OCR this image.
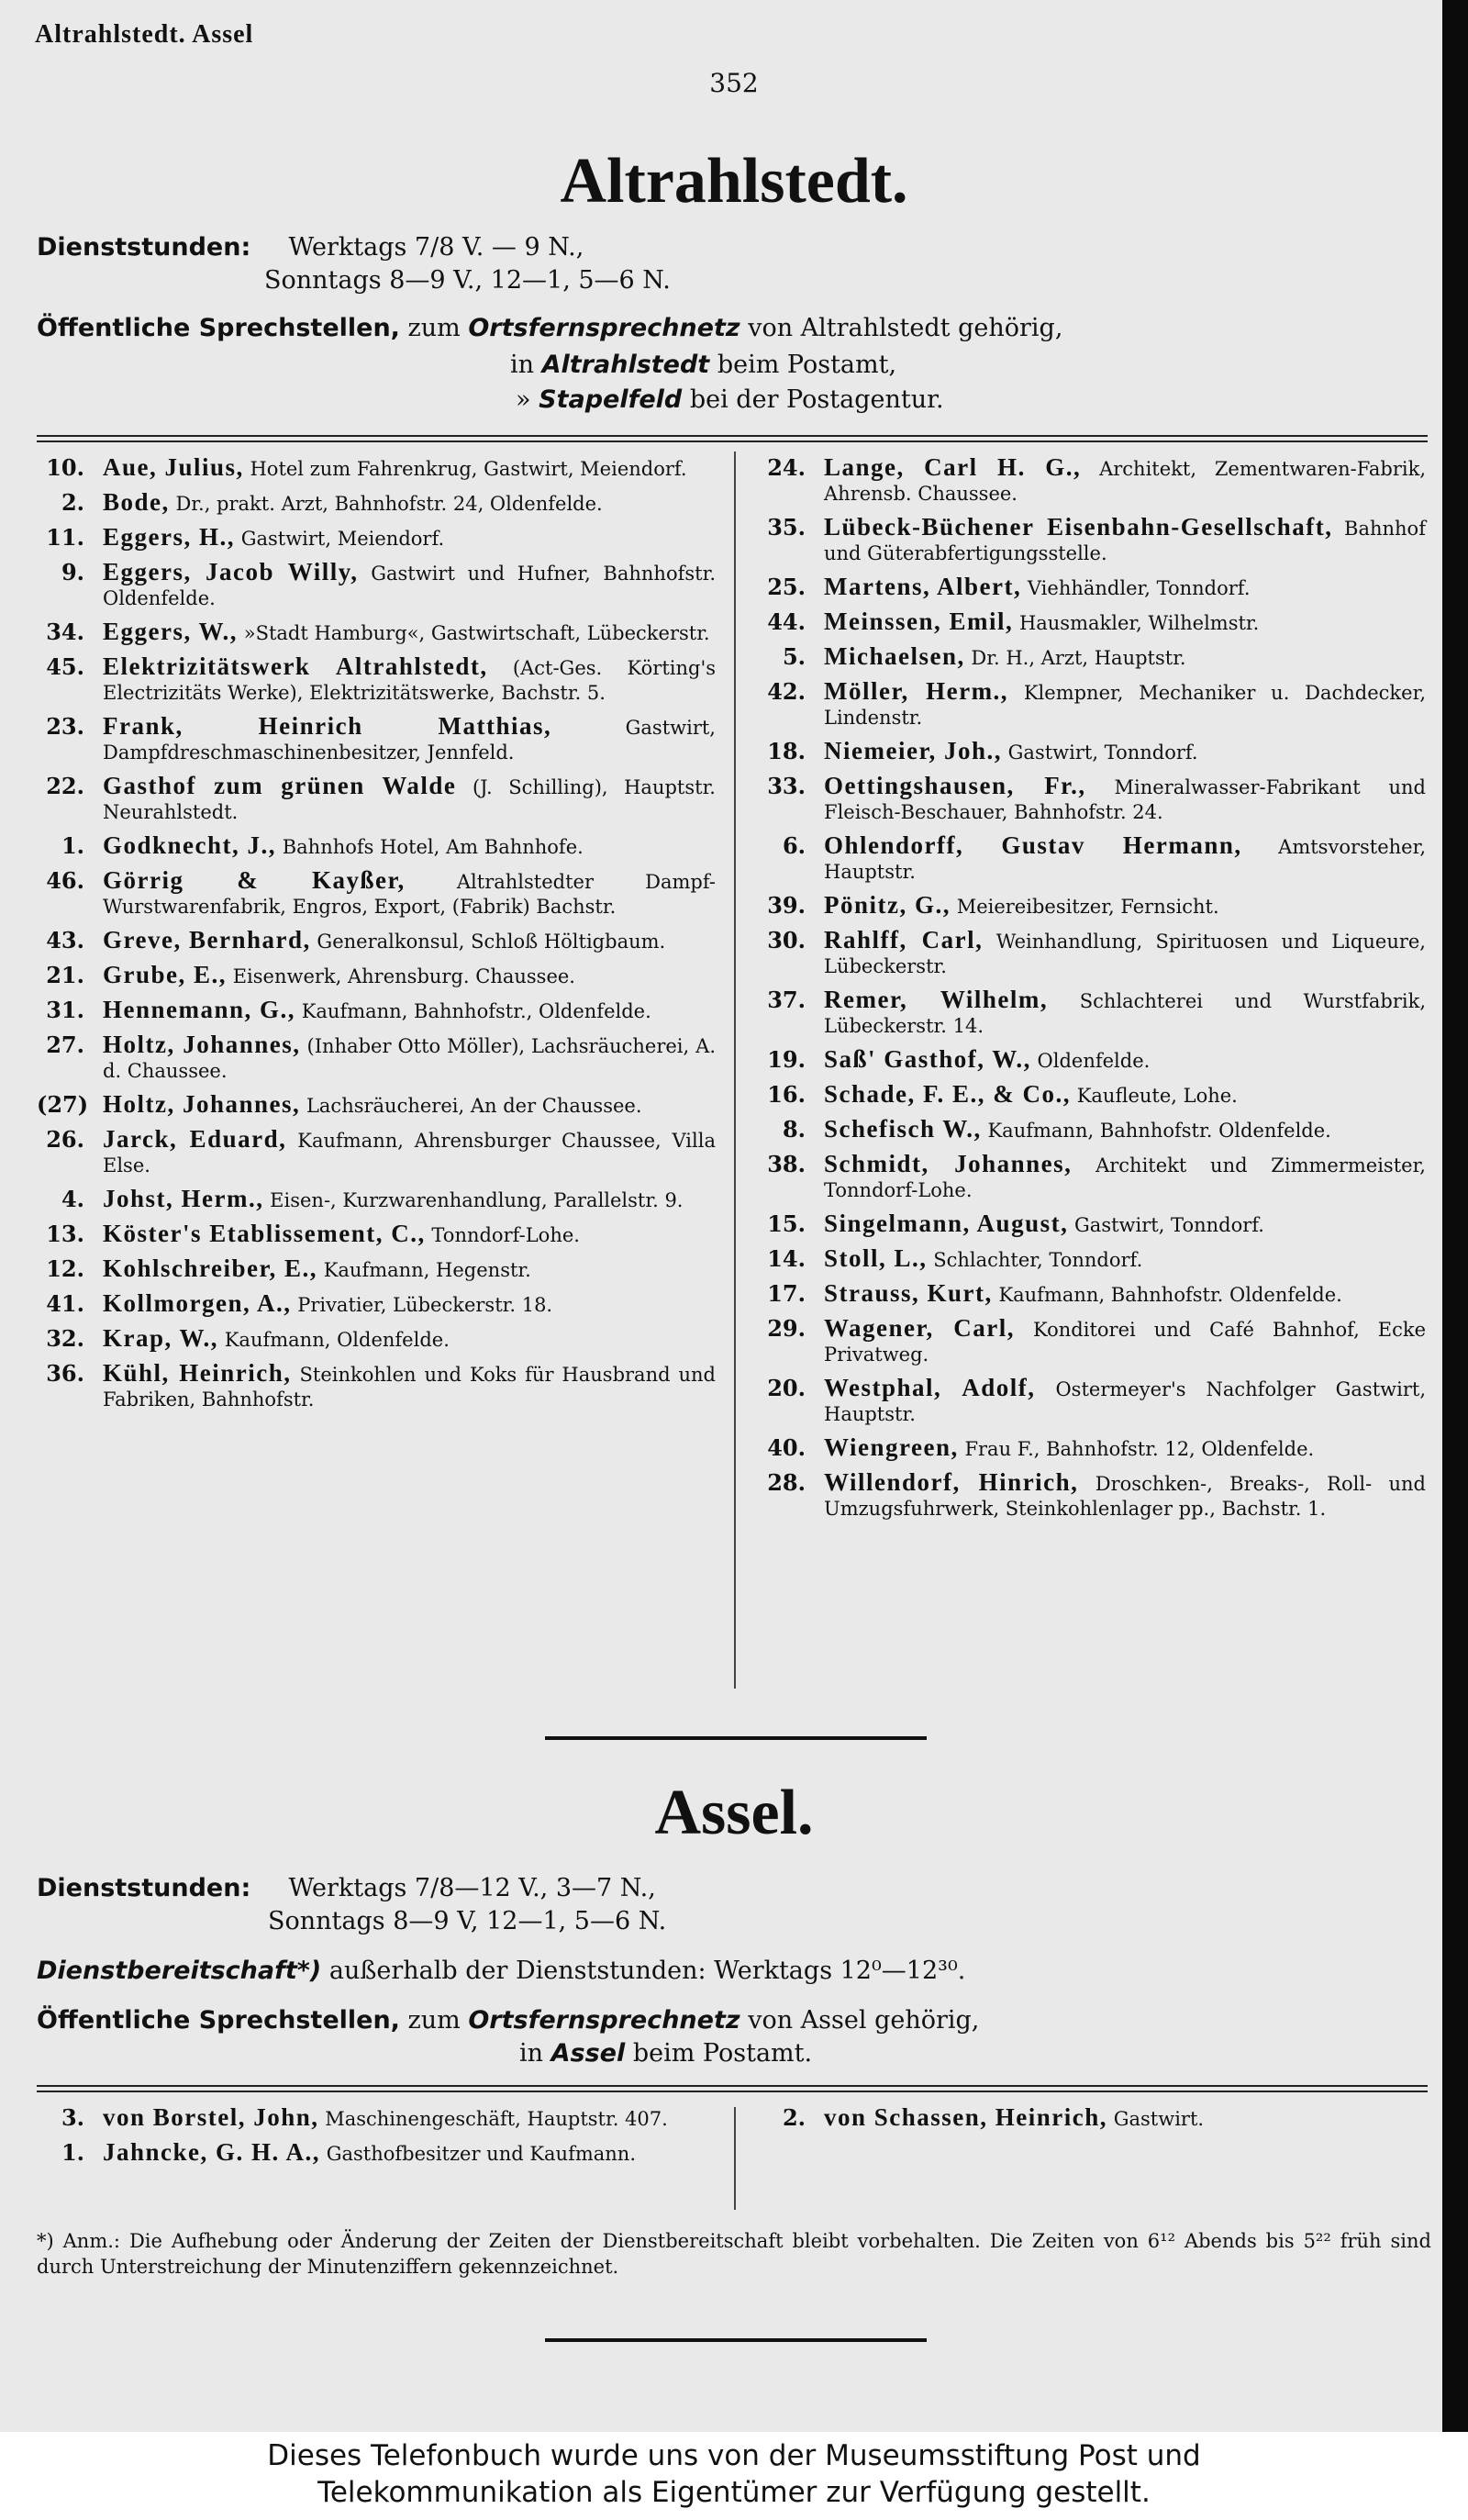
Altrahlstedt. Assel
352
Altrahlstedt.
Dienststunden: Werktags 7/8 V. — 9 N.,
Sonntags 8—9 V., 12—1, 5—6 N.
Öffentliche Sprechstellen, zum Ortsfernsprechnetz von Altrahlstedt gehörig,
in Altrahlstedt beim Postamt,
» Stapelfeld bei der Postagentur.
10. Aue, Julius, Hotel zum Fahrenkrug, Gastwirt, Meiendorf.
2. Bode, Dr., prakt. Arzt, Bahnhofstr. 24, Oldenfelde.
11. Eggers, H., Gastwirt, Meiendorf.
9. Eggers, Jacob Willy, Gastwirt und Hufner, Bahnhofstr. Oldenfelde.
34. Eggers, W., »Stadt Hamburg«, Gastwirtschaft, Lübeckerstr.
45. Elektrizitätswerk Altrahlstedt, (Act-Ges. Körting's Electrizitäts Werke), Elektrizitätswerke, Bachstr. 5.
23. Frank, Heinrich Matthias,	Gastwirt, Dampfdreschmaschinenbesitzer, Jennfeld.
22. Gasthof zum grünen Walde (J. Schilling), Hauptstr. Neurahlstedt.
1. Godknecht, J., Bahnhofs Hotel, Am Bahnhofe.
46. Görrig & Kayßer,	Altrahlstedter Dampf-Wurstwarenfabrik, Engros, Export, (Fabrik) Bachstr.
43. Greve, Bernhard, Generalkonsul, Schloß Höltigbaum.
21. Grube, E., Eisenwerk, Ahrensburg. Chaussee.
31. Hennemann, G., Kaufmann, Bahnhofstr., Oldenfelde.
27. Holtz, Johannes, (Inhaber Otto Möller), Lachsräucherei, A. d. Chaussee.
(27) Holtz, Johannes, Lachsräucherei, An der Chaussee.
26. Jarck, Eduard, Kaufmann, Ahrensburger Chaussee, Villa Else.
4. Johst, Herm., Eisen-, Kurzwarenhandlung, Parallelstr. 9.
13. Köster's Etablissement, C., Tonndorf-Lohe.
12. Kohlschreiber, E., Kaufmann, Hegenstr.
41. Kollmorgen, A., Privatier, Lübeckerstr. 18.
32. Krap, W., Kaufmann, Oldenfelde.
36. Kühl, Heinrich, Steinkohlen und Koks für Hausbrand und Fabriken, Bahnhofstr.
24. Lange, Carl H. G., Architekt, Zementwaren-Fabrik, Ahrensb. Chaussee.
35. Lübeck-Büchener Eisenbahn-Gesellschaft, Bahnhof und Güterabfertigungsstelle.
25. Martens, Albert, Viehhändler, Tonndorf.
44. Meinssen, Emil, Hausmakler, Wilhelmstr.
5. Michaelsen, Dr. H., Arzt, Hauptstr.
42. Möller, Herm., Klempner, Mechaniker u. Dachdecker, Lindenstr.
18. Niemeier, Joh., Gastwirt, Tonndorf.
33. Oettingshausen, Fr., Mineralwasser-Fabrikant und Fleisch-Beschauer, Bahnhofstr. 24.
6. Ohlendorff, Gustav Hermann, Amtsvorsteher, Hauptstr.
39. Pönitz, G., Meiereibesitzer, Fernsicht.
30. Rahlff, Carl, Weinhandlung, Spirituosen und Liqueure, Lübeckerstr.
37. Remer, Wilhelm, Schlachterei und Wurstfabrik, Lübeckerstr. 14.
19. Saß' Gasthof, W., Oldenfelde.
16. Schade, F. E., & Co., Kaufleute, Lohe.
8. Schefisch W., Kaufmann, Bahnhofstr. Oldenfelde.
38. Schmidt, Johannes, Architekt und Zimmermeister, Tonndorf-Lohe.
15. Singelmann, August, Gastwirt, Tonndorf.
14. Stoll, L., Schlachter, Tonndorf.
17. Strauss, Kurt, Kaufmann, Bahnhofstr. Oldenfelde.
29. Wagener, Carl, Konditorei und Café Bahnhof, Ecke Privatweg.
20. Westphal, Adolf, Ostermeyer's Nachfolger Gastwirt, Hauptstr.
40. Wiengreen, Frau F., Bahnhofstr. 12, Oldenfelde.
28. Willendorf, Hinrich, Droschken-, Breaks-, Roll- und Umzugsfuhrwerk, Steinkohlenlager pp., Bachstr. 1.
Assel.
Dienststunden: Werktags 7/8—12 V., 3—7 N.,
Sonntags 8—9 V, 12—1, 5—6 N.
Dienstbereitschaft*) außerhalb der Dienststunden: Werktags 12⁰—12³⁰.
Öffentliche Sprechstellen, zum Ortsfernsprechnetz von Assel gehörig,
in Assel beim Postamt.
3. von Borstel, John, Maschinengeschäft, Hauptstr. 407.
1. Jahncke, G. H. A., Gasthofbesitzer und Kaufmann.
2. von Schassen, Heinrich, Gastwirt.
*) Anm.: Die Aufhebung oder Änderung der Zeiten der Dienstbereitschaft bleibt vorbehalten. Die Zeiten von 6¹² Abends bis 5²² früh sind durch Unterstreichung der Minutenziffern gekennzeichnet.
Dieses Telefonbuch wurde uns von der Museumsstiftung Post und
Telekommunikation als Eigentümer zur Verfügung gestellt.
